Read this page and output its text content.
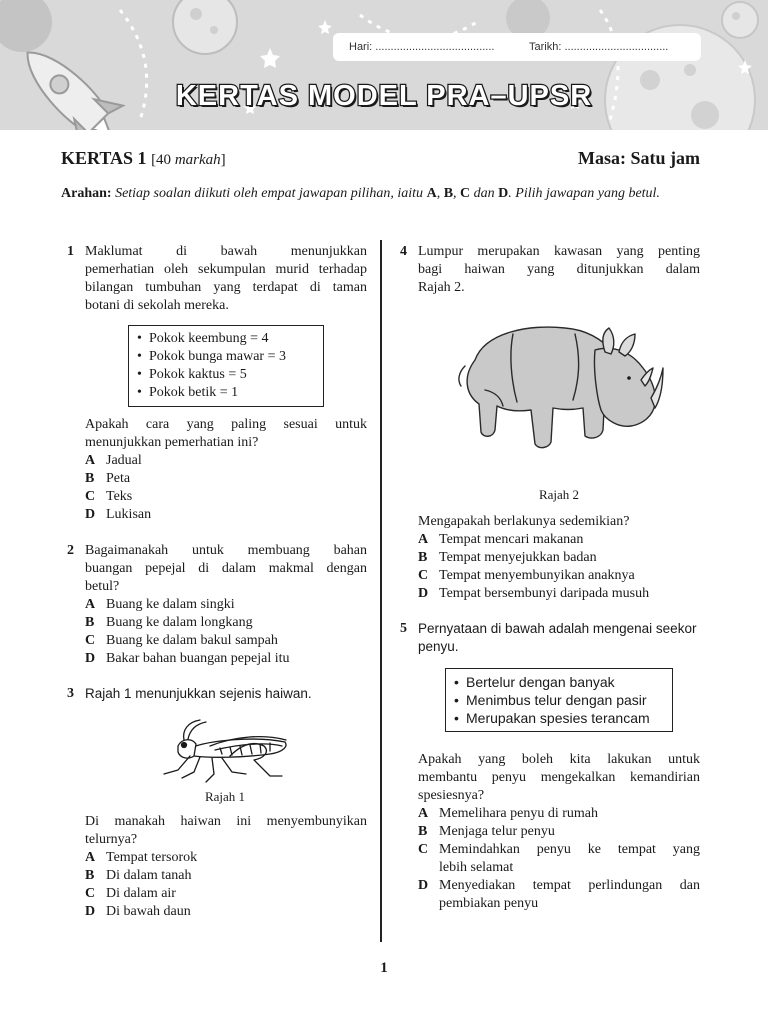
Hari: .......................................	Tarikh: ..................................
KERTAS MODEL PRA–UPSR
KERTAS 1 [40 markah]	Masa: Satu jam
Arahan: Setiap soalan diikuti oleh empat jawapan pilihan, iaitu A, B, C dan D. Pilih jawapan yang betul.
1 Maklumat di bawah menunjukkan
pemerhatian oleh sekumpulan murid terhadap
bilangan tumbuhan yang terdapat di taman
botani di sekolah mereka.
• Pokok keembung = 4
• Pokok bunga mawar = 3
• Pokok kaktus = 5
• Pokok betik = 1
Apakah cara yang paling sesuai untuk
menunjukkan pemerhatian ini?
A Jadual
B Peta
C Teks
D Lukisan
2 Bagaimanakah untuk membuang bahan
buangan pepejal di dalam makmal dengan
betul?
A Buang ke dalam singki
B Buang ke dalam longkang
C Buang ke dalam bakul sampah
D Bakar bahan buangan pepejal itu
3 Rajah 1 menunjukkan sejenis haiwan.
Rajah 1
Di manakah haiwan ini menyembunyikan
telurnya?
A Tempat tersorok
B Di dalam tanah
C Di dalam air
D Di bawah daun
4 Lumpur merupakan kawasan yang penting
bagi haiwan yang ditunjukkan dalam
Rajah 2.
Rajah 2
Mengapakah berlakunya sedemikian?
A Tempat mencari makanan
B Tempat menyejukkan badan
C Tempat menyembunyikan anaknya
D Tempat bersembunyi daripada musuh
5 Pernyataan di bawah adalah mengenai seekor
penyu.
• Bertelur dengan banyak
• Menimbus telur dengan pasir
• Merupakan spesies terancam
Apakah yang boleh kita lakukan untuk
membantu penyu mengekalkan kemandirian
spesiesnya?
A Memelihara penyu di rumah
B Menjaga telur penyu
C Memindahkan penyu ke tempat yang
lebih selamat
D Menyediakan tempat perlindungan dan
pembiakan penyu
1
